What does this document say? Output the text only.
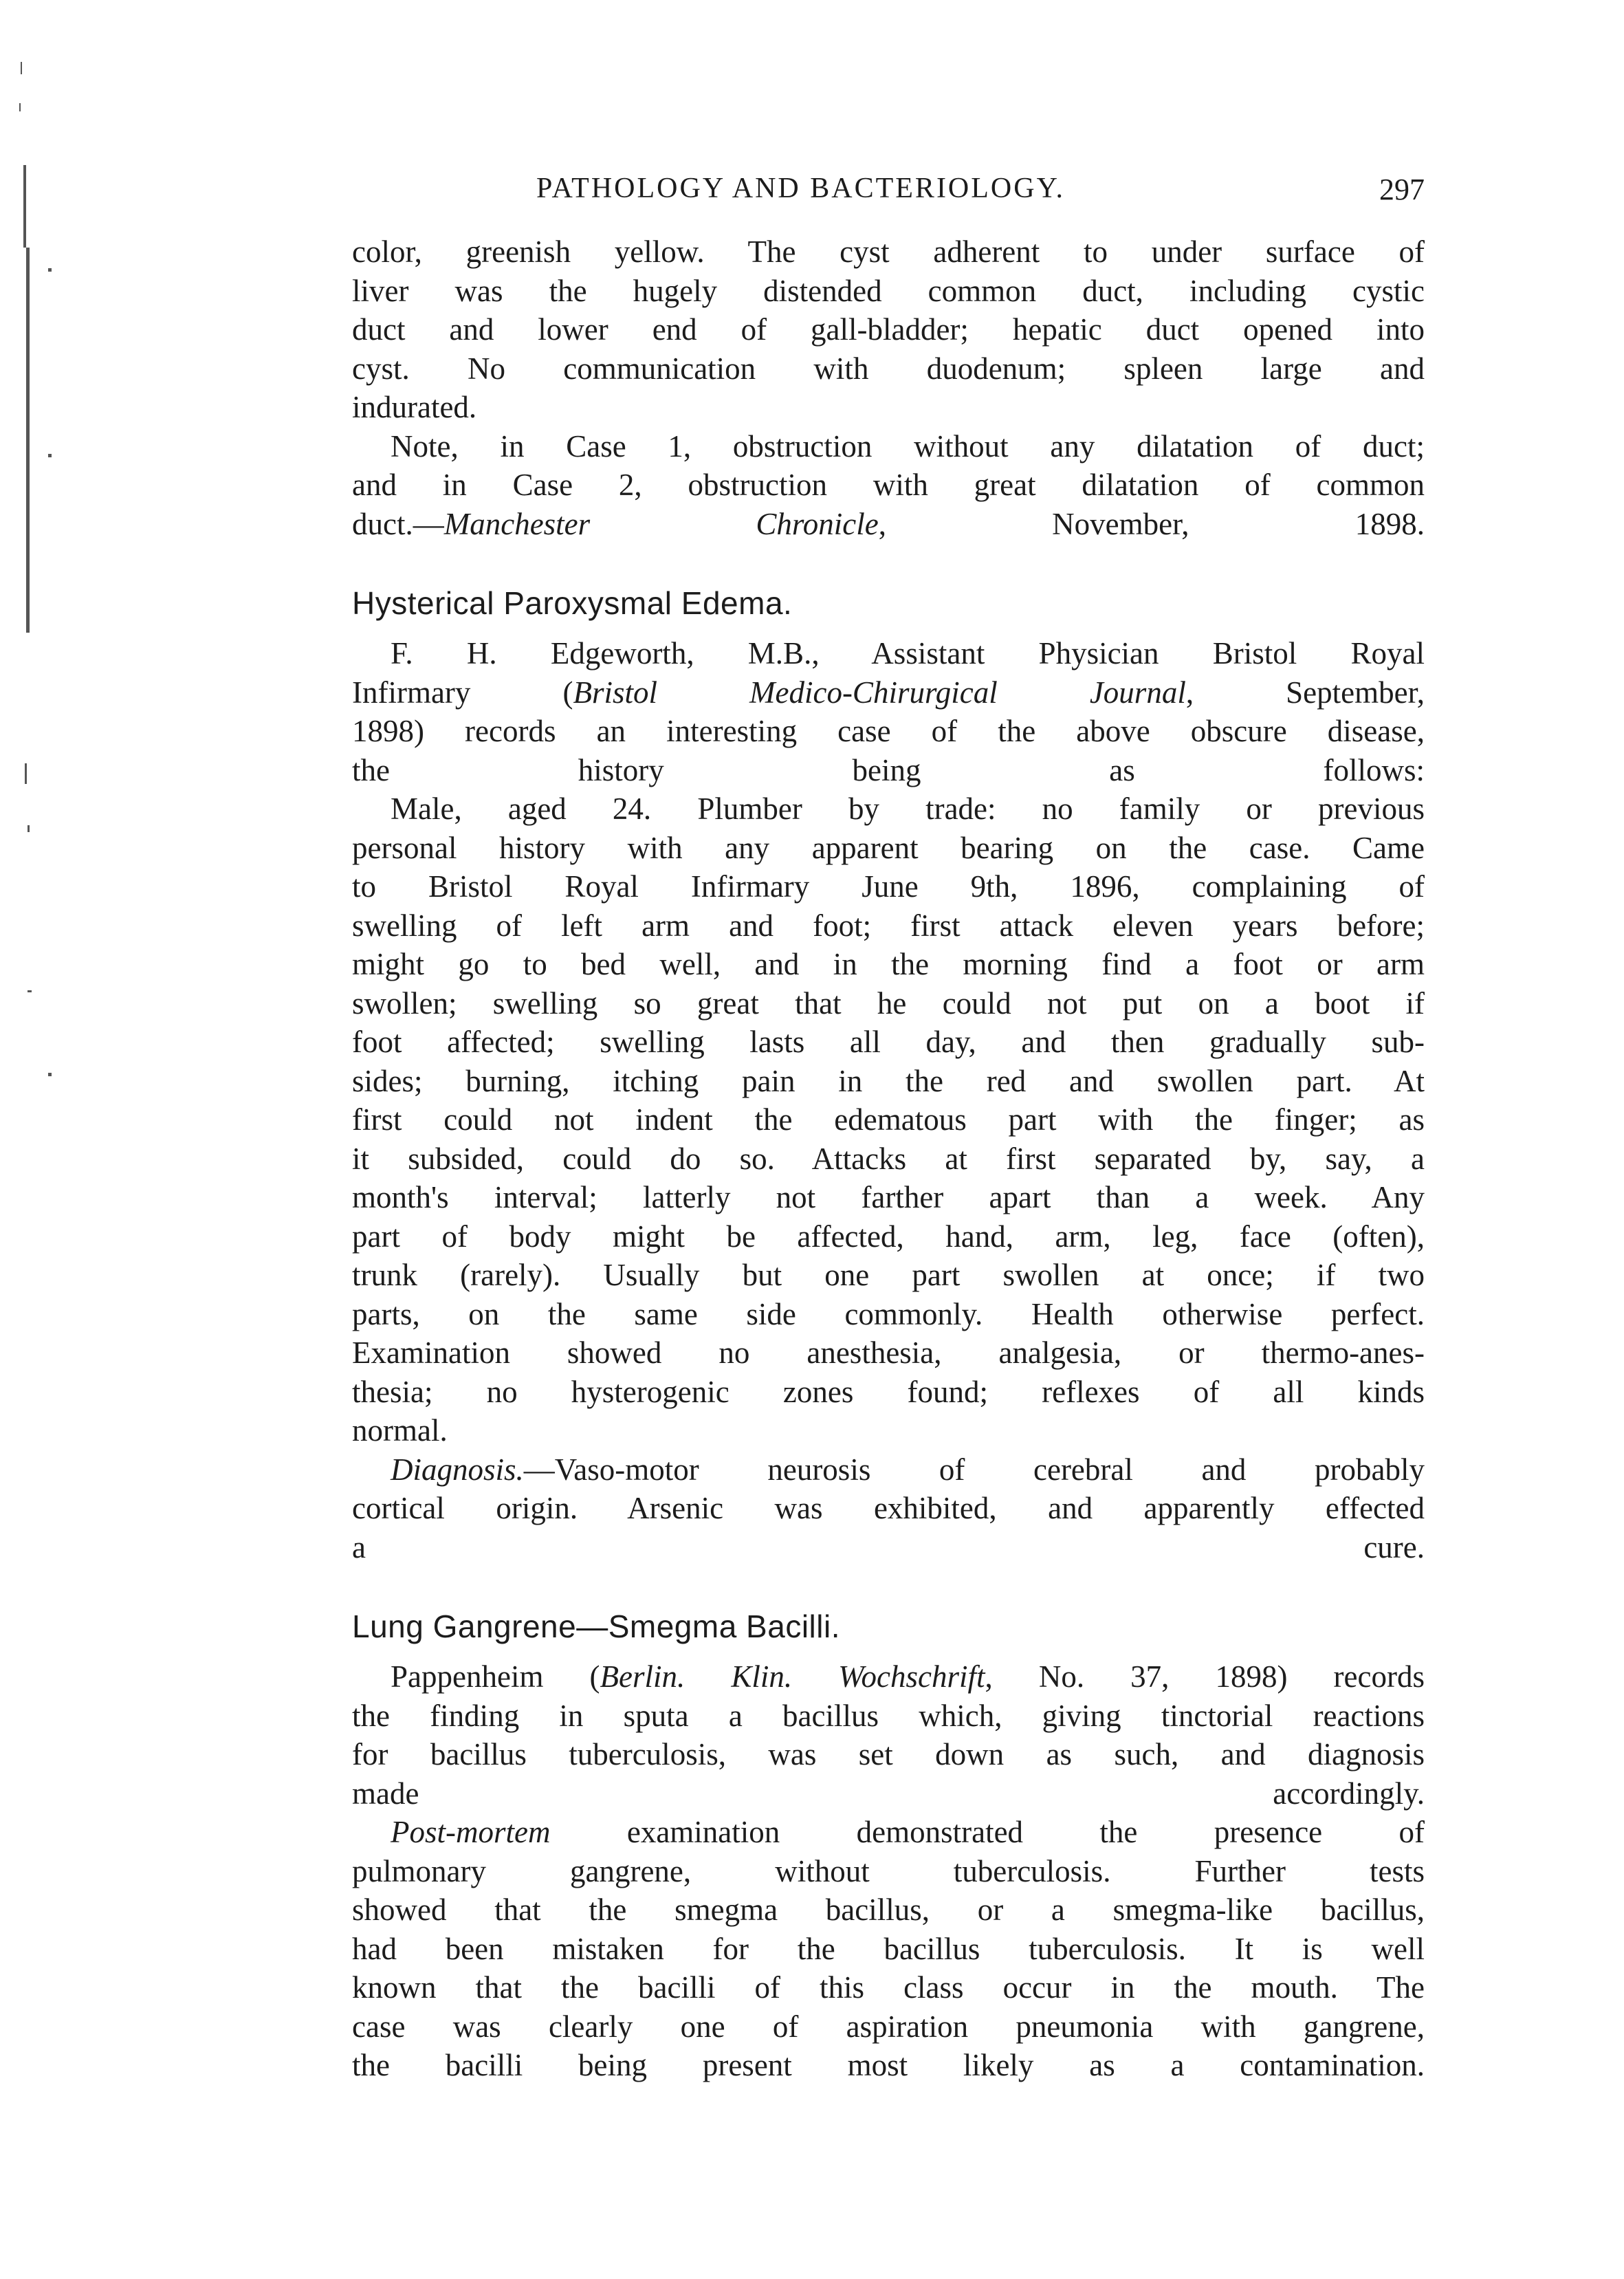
PATHOLOGY AND BACTERIOLOGY.	297

color, greenish yellow. The cyst adherent to under surface of
liver was the hugely distended common duct, including cystic
duct and lower end of gall-bladder; hepatic duct opened into
cyst. No communication with duodenum; spleen large and
indurated.

Note, in Case 1, obstruction without any dilatation of duct;
and in Case 2, obstruction with great dilatation of common
duct.—Manchester Chronicle, November, 1898.

Hysterical Paroxysmal Edema.

F. H. Edgeworth, M.B., Assistant Physician Bristol Royal
Infirmary (Bristol Medico-Chirurgical Journal, September,
1898) records an interesting case of the above obscure disease,
the history being as follows:

Male, aged 24. Plumber by trade: no family or previous
personal history with any apparent bearing on the case. Came
to Bristol Royal Infirmary June 9th, 1896, complaining of
swelling of left arm and foot; first attack eleven years before;
might go to bed well, and in the morning find a foot or arm
swollen; swelling so great that he could not put on a boot if
foot affected; swelling lasts all day, and then gradually sub-
sides; burning, itching pain in the red and swollen part. At
first could not indent the edematous part with the finger; as
it subsided, could do so. Attacks at first separated by, say, a
month's interval; latterly not farther apart than a week. Any
part of body might be affected, hand, arm, leg, face (often),
trunk (rarely). Usually but one part swollen at once; if two
parts, on the same side commonly. Health otherwise perfect.
Examination showed no anesthesia, analgesia, or thermo-anes-
thesia; no hysterogenic zones found; reflexes of all kinds
normal.

Diagnosis.—Vaso-motor neurosis of cerebral and probably
cortical origin. Arsenic was exhibited, and apparently effected
a cure.

Lung Gangrene—Smegma Bacilli.

Pappenheim (Berlin. Klin. Wochschrift, No. 37, 1898) records
the finding in sputa a bacillus which, giving tinctorial reactions
for bacillus tuberculosis, was set down as such, and diagnosis
made accordingly.

Post-mortem examination demonstrated the presence of
pulmonary gangrene, without tuberculosis. Further tests
showed that the smegma bacillus, or a smegma-like bacillus,
had been mistaken for the bacillus tuberculosis. It is well
known that the bacilli of this class occur in the mouth. The
case was clearly one of aspiration pneumonia with gangrene,
the bacilli being present most likely as a contamination.
